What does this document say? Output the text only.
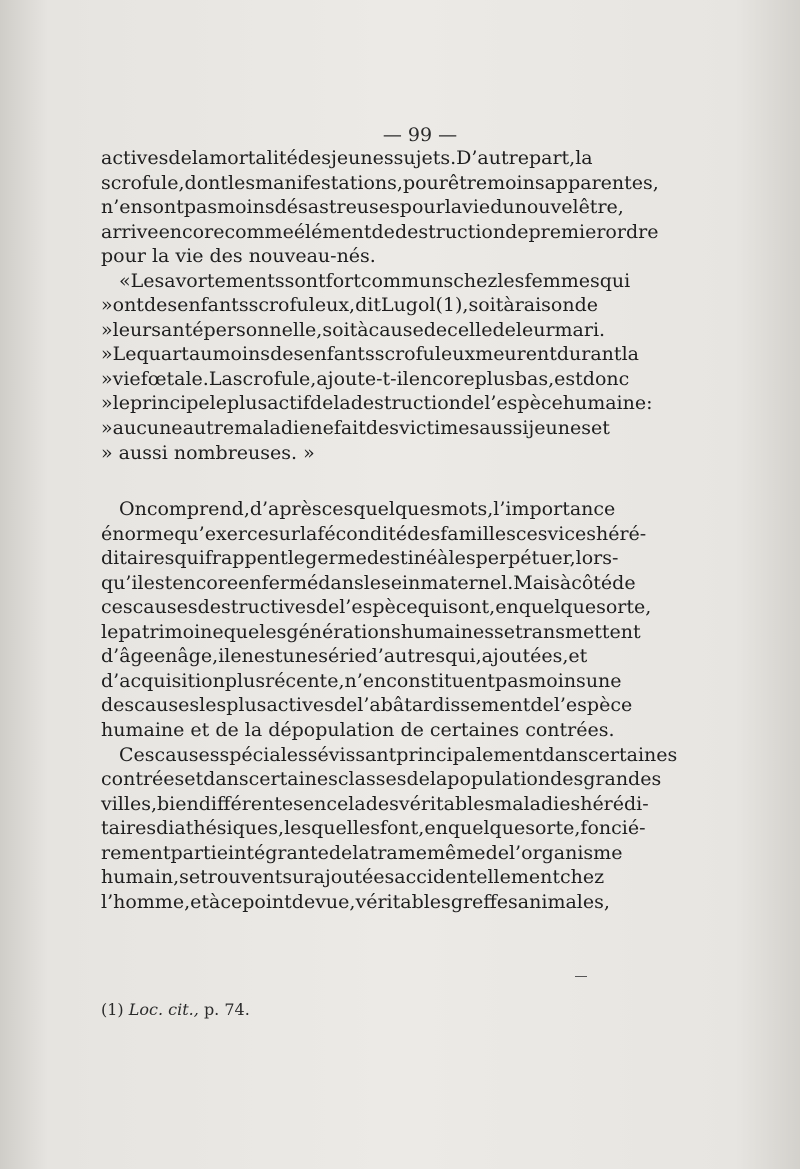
— 99 —
actives de la mortalité des jeunes sujets. D’autre part, la
scrofule, dont les manifestations, pour être moins apparentes,
n’en sont pas moins désastreuses pour la vie du nouvel être,
arrive encore comme élément de destruction de premier ordre
pour la vie des nouveau-nés.
« Les avortements sont fort communs chez les femmes qui
» ont des enfants scrofuleux, dit Lugol (1), soit à raison de
» leur santé personnelle, soit à cause de celle de leur mari.
» Le quart au moins des enfants scrofuleux meurent durant la
» vie fœtale. La scrofule, ajoute-t-il encore plus bas, est donc
» le principe le plus actif de la destruction de l’espèce humaine :
» aucune autre maladie ne fait des victimes aussi jeunes et
» aussi nombreuses. »
On comprend, d’après ces quelques mots, l’importance
énorme qu’exerce sur la fécondité des familles ces vices héré-
ditaires qui frappent le germe destiné à les perpétuer, lors-
qu’il est encore enfermé dans le sein maternel. Mais à côté de
ces causes destructives de l’espèce qui sont, en quelque sorte,
le patrimoine que les générations humaines se transmettent
d’âge en âge, il en est une série d’autres qui, ajoutées, et
d’acquisition plus récente, n’en constituent pas moins une
des causes les plus actives de l’abâtardissement de l’espèce
humaine et de la dépopulation de certaines contrées.
Ces causes spéciales sévissant principalement dans certaines
contrées et dans certaines classes de la population des grandes
villes, bien différentes en cela des véritables maladies hérédi-
taires diathésiques, lesquelles font, en quelque sorte, foncié-
rement partie intégrante de la trame même de l’organisme
humain, se trouvent surajoutées accidentellement chez
l’homme, et à ce point de vue, véritables greffes animales,
(1) Loc. cit., p. 74.
